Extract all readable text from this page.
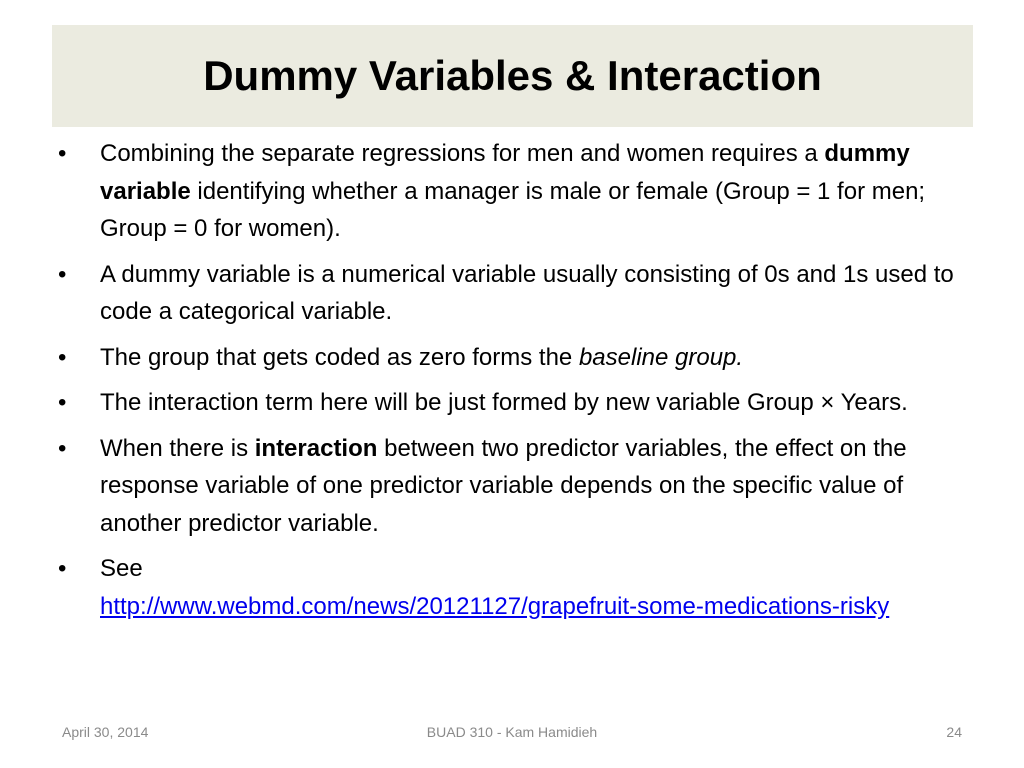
Dummy Variables & Interaction
•	Combining the separate regressions for men and women requires a dummy variable identifying whether a manager is male or female (Group = 1 for men; Group = 0 for women).
•	A dummy variable is a numerical variable usually consisting of 0s and 1s used to code a categorical variable.
•	The group that gets coded as zero forms the baseline group.
•	The interaction term here will be just formed by new variable Group × Years.
•	When there is interaction between two predictor variables, the effect on the response variable of one predictor variable depends on the specific value of another predictor variable.
•	See
http://www.webmd.com/news/20121127/grapefruit-some-medications-risky
April 30, 2014	BUAD 310 - Kam Hamidieh	24
